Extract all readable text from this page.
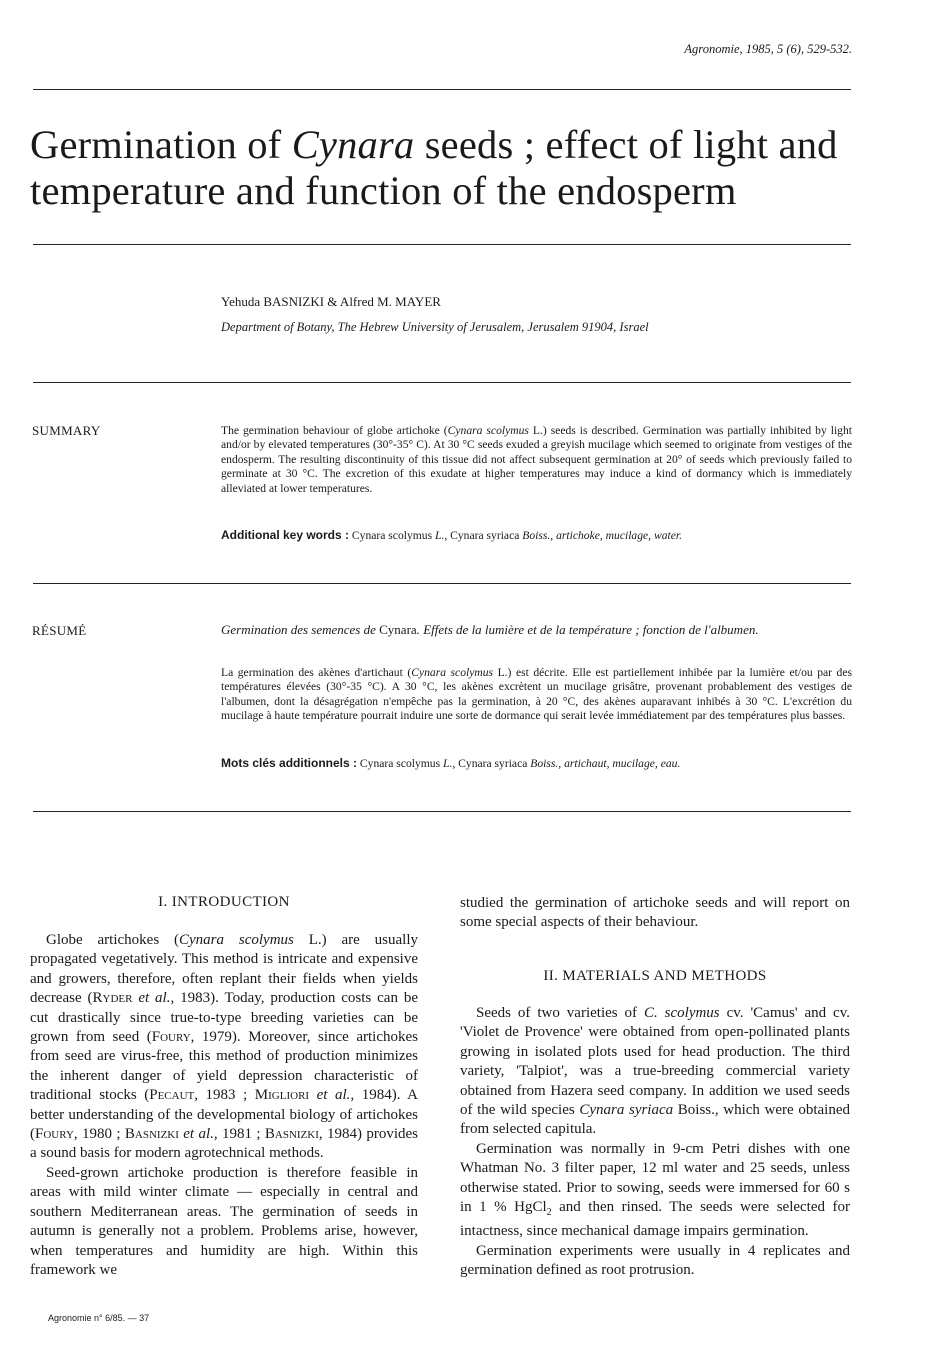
Agronomie, 1985, 5 (6), 529-532.
Germination of Cynara seeds ; effect of light and temperature and function of the endosperm
Yehuda BASNIZKI & Alfred M. MAYER
Department of Botany, The Hebrew University of Jerusalem, Jerusalem 91904, Israel
SUMMARY	The germination behaviour of globe artichoke (Cynara scolymus L.) seeds is described. Germination was partially inhibited by light and/or by elevated temperatures (30°-35° C). At 30 °C seeds exuded a greyish mucilage which seemed to originate from vestiges of the endosperm. The resulting discontinuity of this tissue did not affect subsequent germination at 20° of seeds which previously failed to germinate at 30 °C. The excretion of this exudate at higher temperatures may induce a kind of dormancy which is immediately alleviated at lower temperatures.
Additional key words : Cynara scolymus L., Cynara syriaca Boiss., artichoke, mucilage, water.
RÉSUMÉ	Germination des semences de Cynara. Effets de la lumière et de la température ; fonction de l'albumen.
La germination des akènes d'artichaut (Cynara scolymus L.) est décrite. Elle est partiellement inhibée par la lumière et/ou par des températures élevées (30°-35 °C). A 30 °C, les akènes excrètent un mucilage grisâtre, provenant probablement des vestiges de l'albumen, dont la désagrégation n'empêche pas la germination, à 20 °C, des akènes auparavant inhibés à 30 °C. L'excrétion du mucilage à haute température pourrait induire une sorte de dormance qui serait levée immédiatement par des températures plus basses.
Mots clés additionnels : Cynara scolymus L., Cynara syriaca Boiss., artichaut, mucilage, eau.
I. INTRODUCTION

Globe artichokes (Cynara scolymus L.) are usually propagated vegetatively. This method is intricate and expensive and growers, therefore, often replant their fields when yields decrease (Ryder et al., 1983). Today, production costs can be cut drastically since true-to-type breeding varieties can be grown from seed (Foury, 1979). Moreover, since artichokes from seed are virus-free, this method of production minimizes the inherent danger of yield depression characteristic of traditional stocks (Pecaut, 1983 ; Migliori et al., 1984). A better understanding of the developmental biology of artichokes (Foury, 1980 ; Basnizki et al., 1981 ; Basnizki, 1984) provides a sound basis for modern agrotechnical methods.

Seed-grown artichoke production is therefore feasible in areas with mild winter climate — especially in central and southern Mediterranean areas. The germination of seeds in autumn is generally not a problem. Problems arise, however, when temperatures and humidity are high. Within this framework we

studied the germination of artichoke seeds and will report on some special aspects of their behaviour.

II. MATERIALS AND METHODS

Seeds of two varieties of C. scolymus cv. 'Camus' and cv. 'Violet de Provence' were obtained from open-pollinated plants growing in isolated plots used for head production. The third variety, 'Talpiot', was a true-breeding commercial variety obtained from Hazera seed company. In addition we used seeds of the wild species Cynara syriaca Boiss., which were obtained from selected capitula.

Germination was normally in 9-cm Petri dishes with one Whatman No. 3 filter paper, 12 ml water and 25 seeds, unless otherwise stated. Prior to sowing, seeds were immersed for 60 s in 1 % HgCl$_2$ and then rinsed. The seeds were selected for intactness, since mechanical damage impairs germination.

Germination experiments were usually in 4 replicates and germination defined as root protrusion.

Agronomie n° 6/85. — 37
